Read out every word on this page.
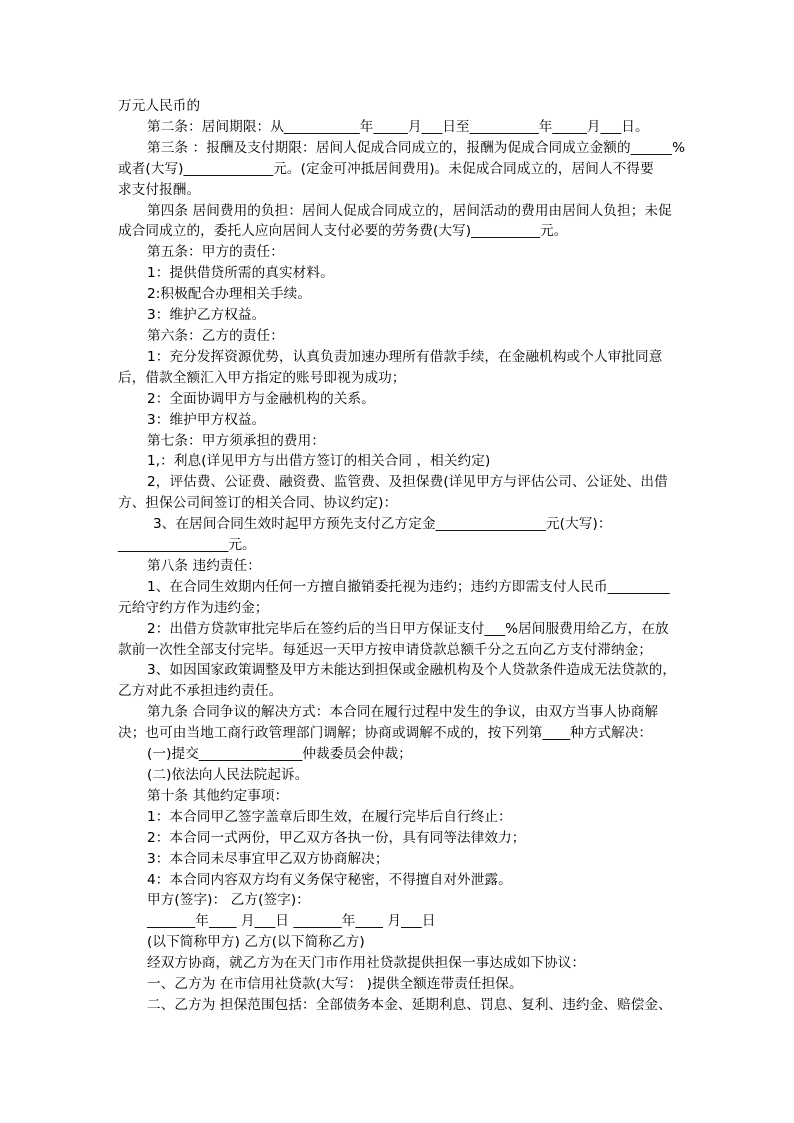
万元人民币的
第二条：居间期限：从___________年_____月___日至__________年_____月___日。
第三条 ：报酬及支付期限：居间人促成合同成立的，报酬为促成合同成立金额的______%
或者(大写)_____________元。(定金可冲抵居间费用)。未促成合同成立的，居间人不得要
求支付报酬。
第四条 居间费用的负担：居间人促成合同成立的，居间活动的费用由居间人负担；未促
成合同成立的，委托人应向居间人支付必要的劳务费(大写)__________元。
第五条：甲方的责任：
1：提供借贷所需的真实材料。
2:积极配合办理相关手续。
3：维护乙方权益。
第六条：乙方的责任：
1：充分发挥资源优势，认真负责加速办理所有借款手续，在金融机构或个人审批同意
后，借款全额汇入甲方指定的账号即视为成功；
2：全面协调甲方与金融机构的关系。
3：维护甲方权益。
第七条：甲方须承担的费用：
1,：利息(详见甲方与出借方签订的相关合同 ，相关约定)
2，评估费、公证费、融资费、监管费、及担保费(详见甲方与评估公司、公证处、出借
方、担保公司间签订的相关合同、协议约定)：
3、在居间合同生效时起甲方预先支付乙方定金________________元(大写)：
________________元。
第八条 违约责任：
1、在合同生效期内任何一方擅自撤销委托视为违约；违约方即需支付人民币_________
元给守约方作为违约金；
2：出借方贷款审批完毕后在签约后的当日甲方保证支付___%居间服费用给乙方，在放
款前一次性全部支付完毕。每延迟一天甲方按申请贷款总额千分之五向乙方支付滞纳金；
3、如因国家政策调整及甲方未能达到担保或金融机构及个人贷款条件造成无法贷款的，
乙方对此不承担违约责任。
第九条 合同争议的解决方式：本合同在履行过程中发生的争议，由双方当事人协商解
决；也可由当地工商行政管理部门调解；协商或调解不成的，按下列第____种方式解决：
(一)提交_______________仲裁委员会仲裁；
(二)依法向人民法院起诉。
第十条 其他约定事项：
1：本合同甲乙签字盖章后即生效，在履行完毕后自行终止：
2：本合同一式两份，甲乙双方各执一份，具有同等法律效力；
3：本合同未尽事宜甲乙双方协商解决；
4：本合同内容双方均有义务保守秘密，不得擅自对外泄露。
甲方(签字)： 乙方(签字)：
_______年____ 月___日 _______年____ 月___日
(以下简称甲方) 乙方(以下简称乙方)
经双方协商，就乙方为在天门市作用社贷款提供担保一事达成如下协议：
一、乙方为 在市信用社贷款(大写： )提供全额连带责任担保。
二、乙方为 担保范围包括：全部债务本金、延期利息、罚息、复利、违约金、赔偿金、
